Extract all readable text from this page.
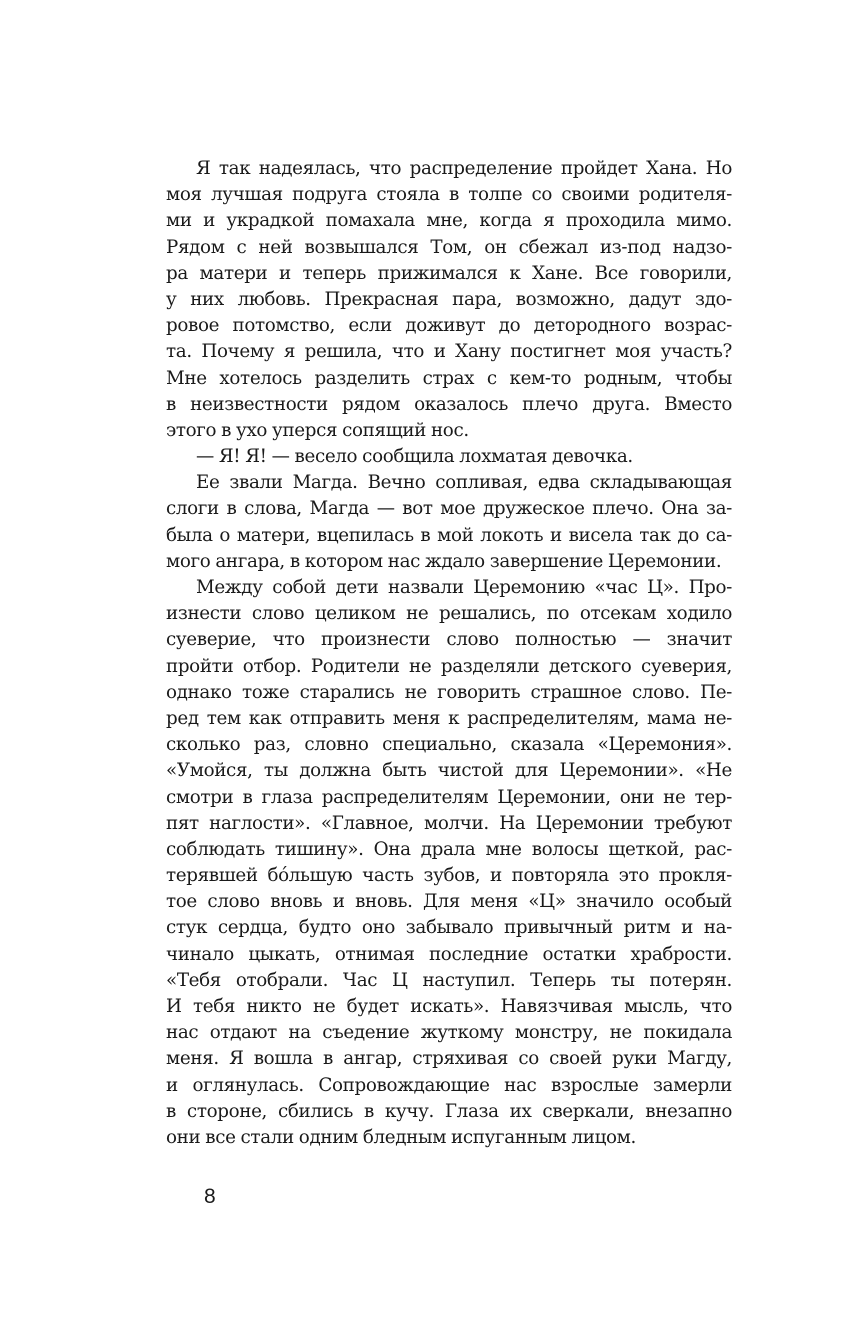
Я так надеялась, что распределение пройдет Хана. Но
моя лучшая подруга стояла в толпе со своими родителя-
ми и украдкой помахала мне, когда я проходила мимо.
Рядом с ней возвышался Том, он сбежал из-под надзо-
ра матери и теперь прижимался к Хане. Все говорили,
у них любовь. Прекрасная пара, возможно, дадут здо-
ровое потомство, если доживут до детородного возрас-
та. Почему я решила, что и Хану постигнет моя участь?
Мне хотелось разделить страх с кем-то родным, чтобы
в неизвестности рядом оказалось плечо друга. Вместо
этого в ухо уперся сопящий нос.
— Я! Я! — весело сообщила лохматая девочка.
Ее звали Магда. Вечно сопливая, едва складывающая
слоги в слова, Магда — вот мое дружеское плечо. Она за-
была о матери, вцепилась в мой локоть и висела так до са-
мого ангара, в котором нас ждало завершение Церемонии.
Между собой дети назвали Церемонию «час Ц». Про-
изнести слово целиком не решались, по отсекам ходило
суеверие, что произнести слово полностью — значит
пройти отбор. Родители не разделяли детского суеверия,
однако тоже старались не говорить страшное слово. Пе-
ред тем как отправить меня к распределителям, мама не-
сколько раз, словно специально, сказала «Церемония».
«Умойся, ты должна быть чистой для Церемонии». «Не
смотри в глаза распределителям Церемонии, они не тер-
пят наглости». «Главное, молчи. На Церемонии требуют
соблюдать тишину». Она драла мне волосы щеткой, рас-
терявшей бо́льшую часть зубов, и повторяла это прокля-
тое слово вновь и вновь. Для меня «Ц» значило особый
стук сердца, будто оно забывало привычный ритм и на-
чинало цыкать, отнимая последние остатки храбрости.
«Тебя отобрали. Час Ц наступил. Теперь ты потерян.
И тебя никто не будет искать». Навязчивая мысль, что
нас отдают на съедение жуткому монстру, не покидала
меня. Я вошла в ангар, стряхивая со своей руки Магду,
и оглянулась. Сопровождающие нас взрослые замерли
в стороне, сбились в кучу. Глаза их сверкали, внезапно
они все стали одним бледным испуганным лицом.
8
